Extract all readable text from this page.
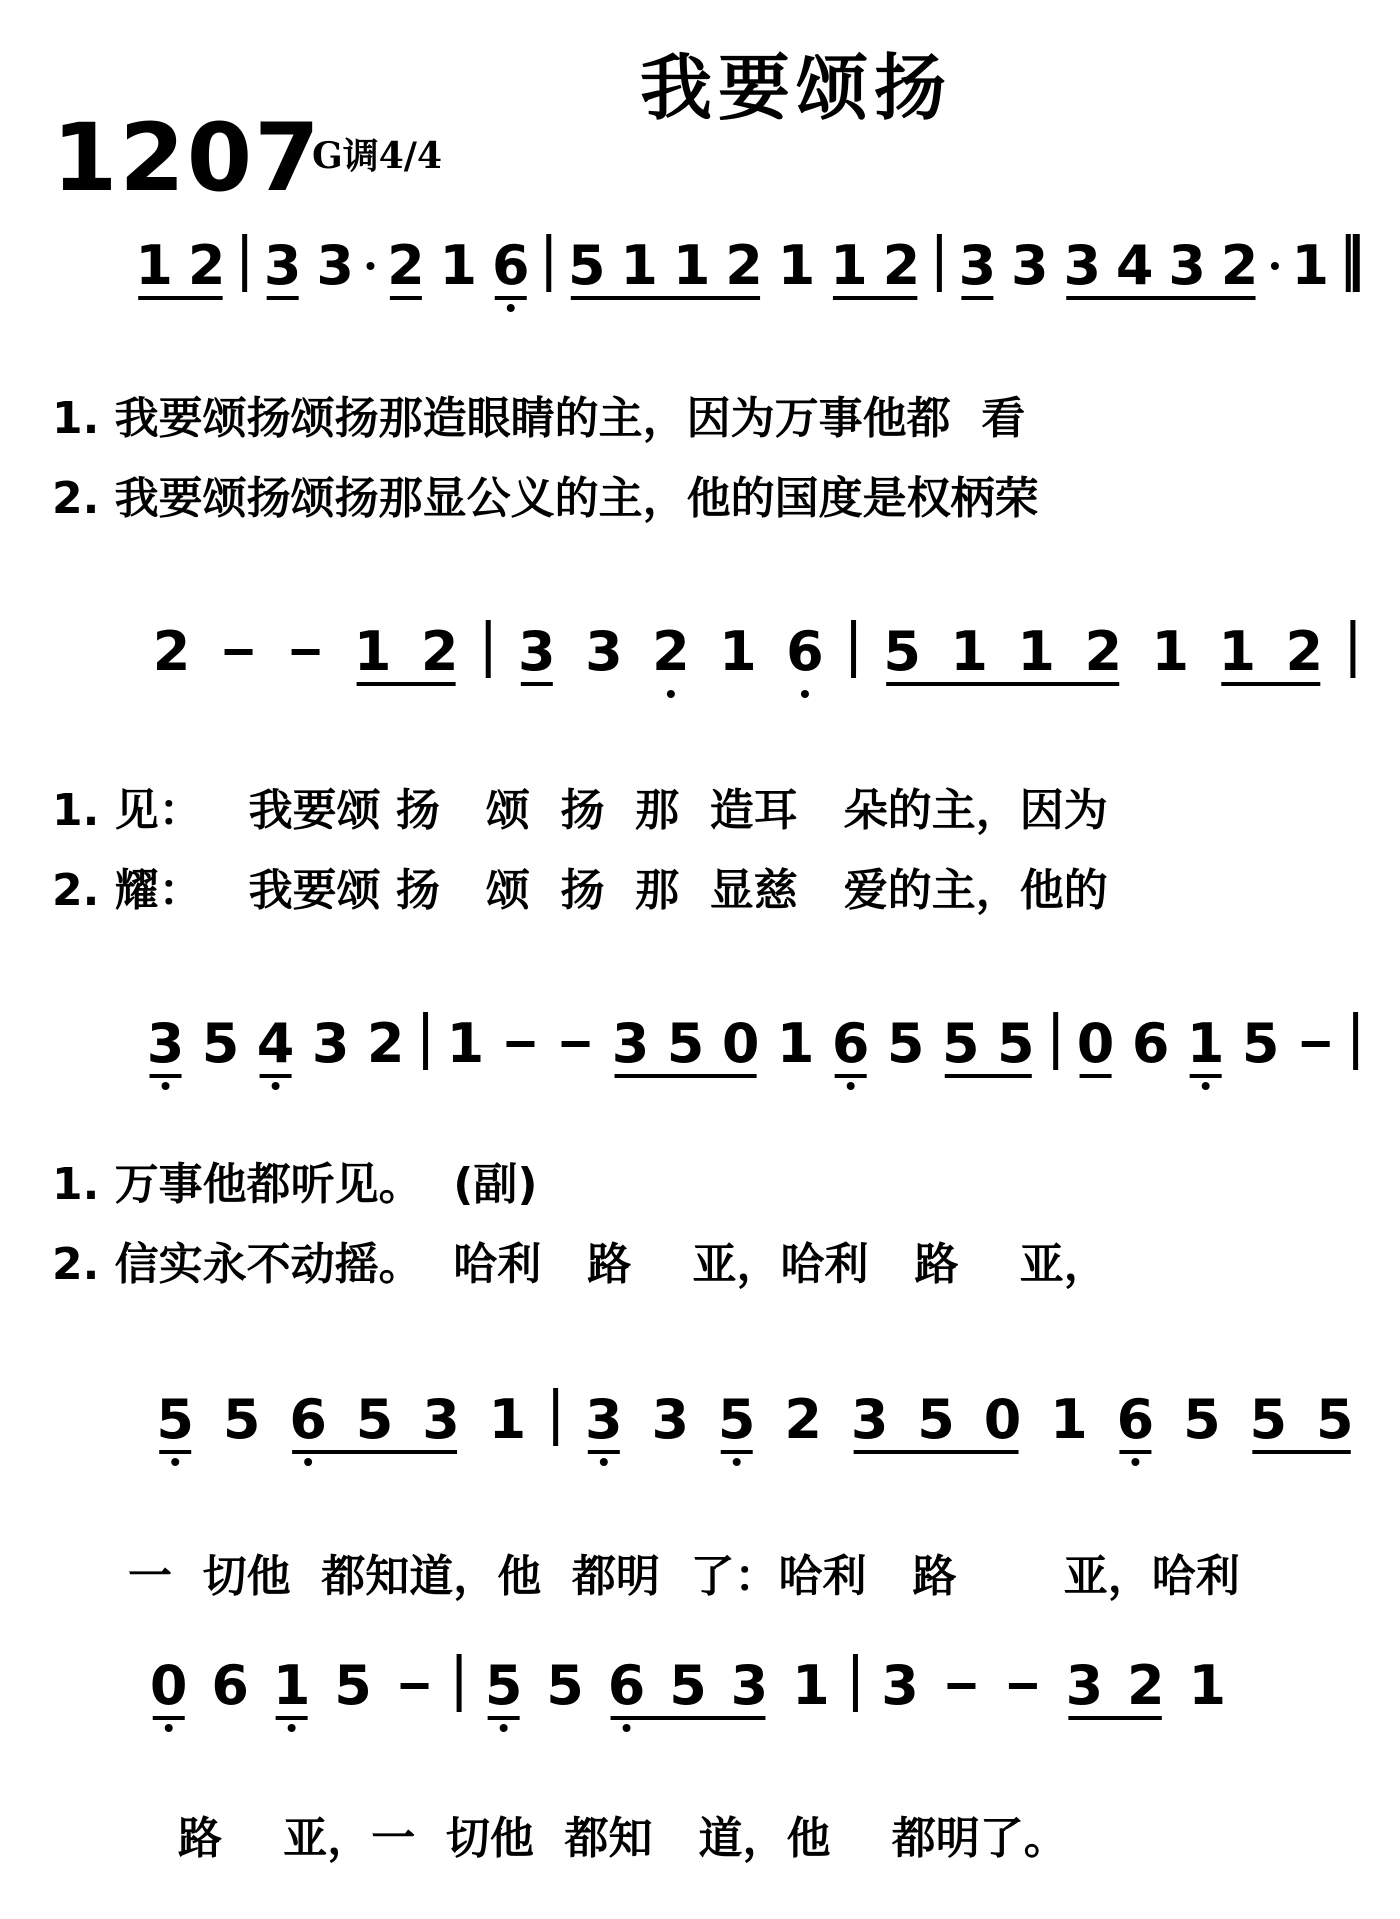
我要颂扬
1207
G调4/4
1 2 3 3 2 1 6 5 1 1 2 1 1 2 3 3 3 4 3 2 1
1. 我要颂扬颂扬那造眼睛的主，因为万事他都  看
2. 我要颂扬颂扬那显公义的主，他的国度是权柄荣
2	1 2 3 3 2 1 6 5 1 1 2 1 1 2
1. 见：   我要颂 扬   颂  扬  那  造耳   朵的主，因为
2. 耀：   我要颂 扬   颂  扬  那  显慈   爱的主，他的
3 5 4 3 2 1 3 5 0 1 6 5 5 5 0 6 1 5
1. 万事他都听见。  (副)
2. 信实永不动摇。  哈利   路    亚，哈利   路    亚，
5 5 6 5 3 1 3 3 5 2 3 5 0 1 6 5 5 5
一  切他  都知道，他  都明  了：哈利   路       亚，哈利
0 6 1 5 5 5 6 5 3 1 3	3 2 1
路    亚，一  切他  都知   道，他    都明了。
